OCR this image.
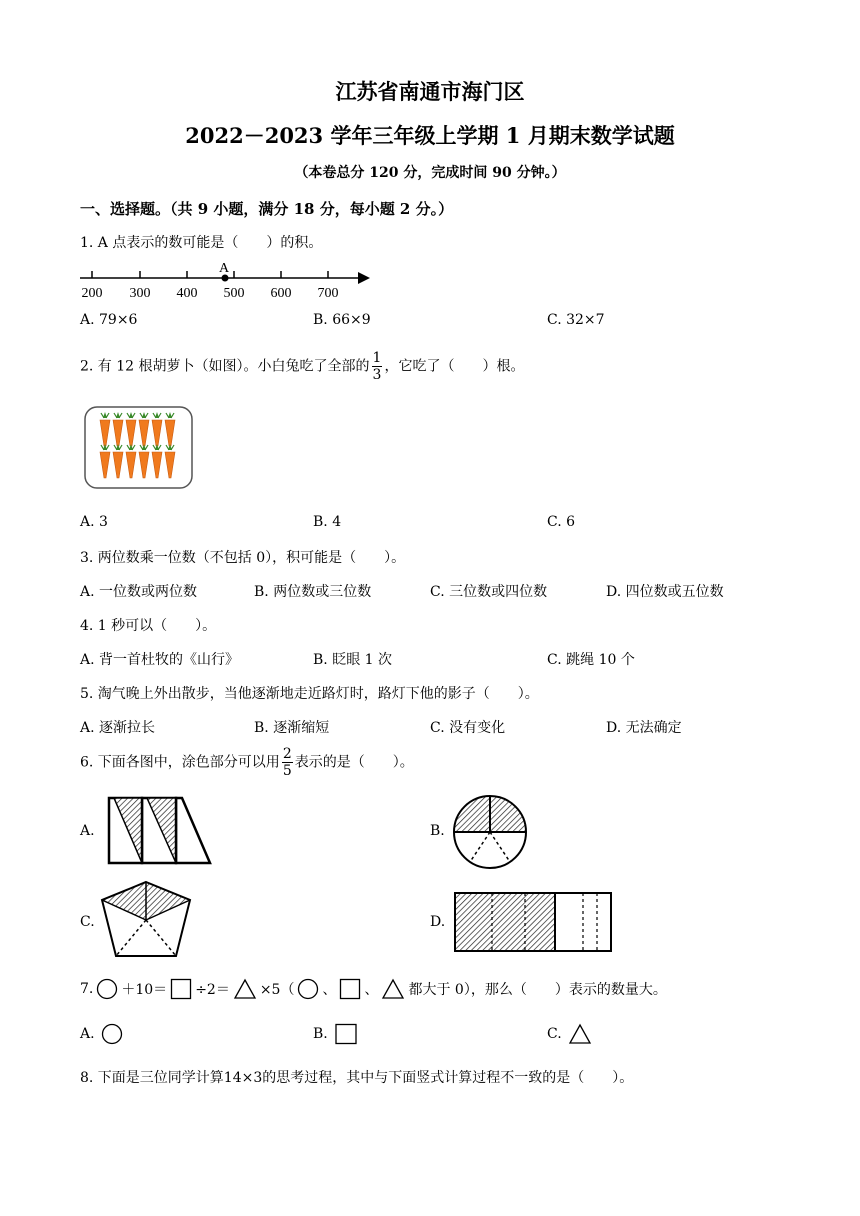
江苏省南通市海门区
2022－2023 学年三年级上学期 1 月期末数学试题
（本卷总分 120 分，完成时间 90 分钟。）
一、选择题。（共 9 小题，满分 18 分，每小题 2 分。）
1. A 点表示的数可能是（　　）的积。
A
200 300 400 500 600 700
A. 79×6	B. 66×9	C. 32×7
2. 有 12 根胡萝卜（如图）。小白兔吃了全部的 $\frac{1}{3}$ ，它吃了（　　）根。
A. 3	B. 4	C. 6
3. 两位数乘一位数（不包括 0），积可能是（　　）。
A. 一位数或两位数	B. 两位数或三位数	C. 三位数或四位数	D. 四位数或五位数
4. 1 秒可以（　　）。
A. 背一首杜牧的《山行》	B. 眨眼 1 次	C. 跳绳 10 个
5. 淘气晚上外出散步，当他逐渐地走近路灯时，路灯下他的影子（　　）。
A. 逐渐拉长	B. 逐渐缩短	C. 没有变化	D. 无法确定
6. 下面各图中，涂色部分可以用 $\frac{2}{5}$ 表示的是（　　）。
A.	B.
C.	D.
7. ＋10＝ ÷2＝ ×5（ 、 、 都大于 0），那么（　　）表示的数量大。
A.	B.	C.
8. 下面是三位同学计算14×3的思考过程，其中与下面竖式计算过程不一致的是（　　）。
